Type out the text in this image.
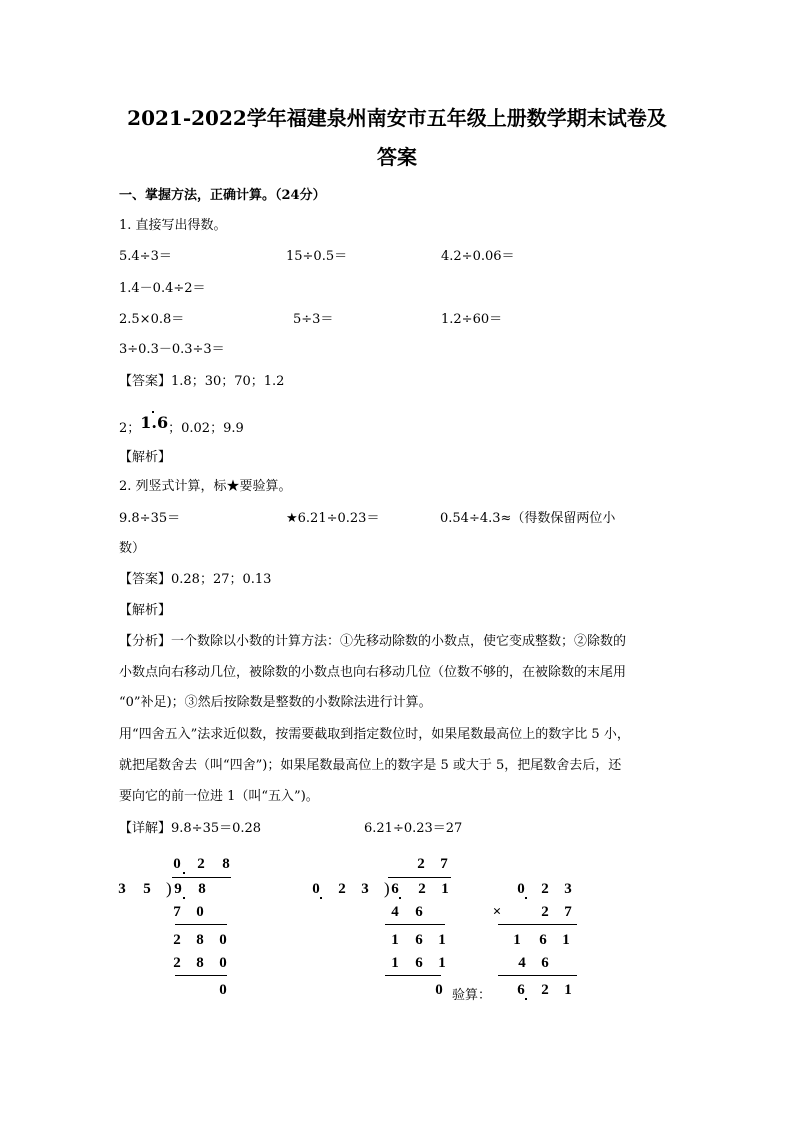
2021-2022学年福建泉州南安市五年级上册数学期末试卷及
答案
一、掌握方法，正确计算。（24分）
1. 直接写出得数。
5.4÷3＝	15÷0.5＝	4.2÷0.06＝
1.4－0.4÷2＝
2.5×0.8＝	5÷3＝	1.2÷60＝
3÷0.3－0.3÷3＝
【答案】1.8；30；70；1.2
2；1.6；0.02；9.9
【解析】
2. 列竖式计算，标★要验算。
9.8÷35＝	★6.21÷0.23＝	0.54÷4.3≈（得数保留两位小
数）
【答案】0.28；27；0.13
【解析】
【分析】一个数除以小数的计算方法：①先移动除数的小数点，使它变成整数；②除数的
小数点向右移动几位，被除数的小数点也向右移动几位（位数不够的，在被除数的末尾用
“0”补足)；③然后按除数是整数的小数除法进行计算。
用“四舍五入”法求近似数，按需要截取到指定数位时，如果尾数最高位上的数字比 5 小，
就把尾数舍去（叫“四舍”)；如果尾数最高位上的数字是 5 或大于 5，把尾数舍去后，还
要向它的前一位进 1（叫“五入”)。
【详解】9.8÷35＝0.28	6.21÷0.23＝27
0 2 8
3 5 ) 9 8
7 0
2 8 0
2 8 0
0
2 7
0 2 3 ) 6 2 1
4 6
1 6 1
1 6 1
0
0 2 3
×	2 7
1 6 1
4 6
6 2 1
验算：
